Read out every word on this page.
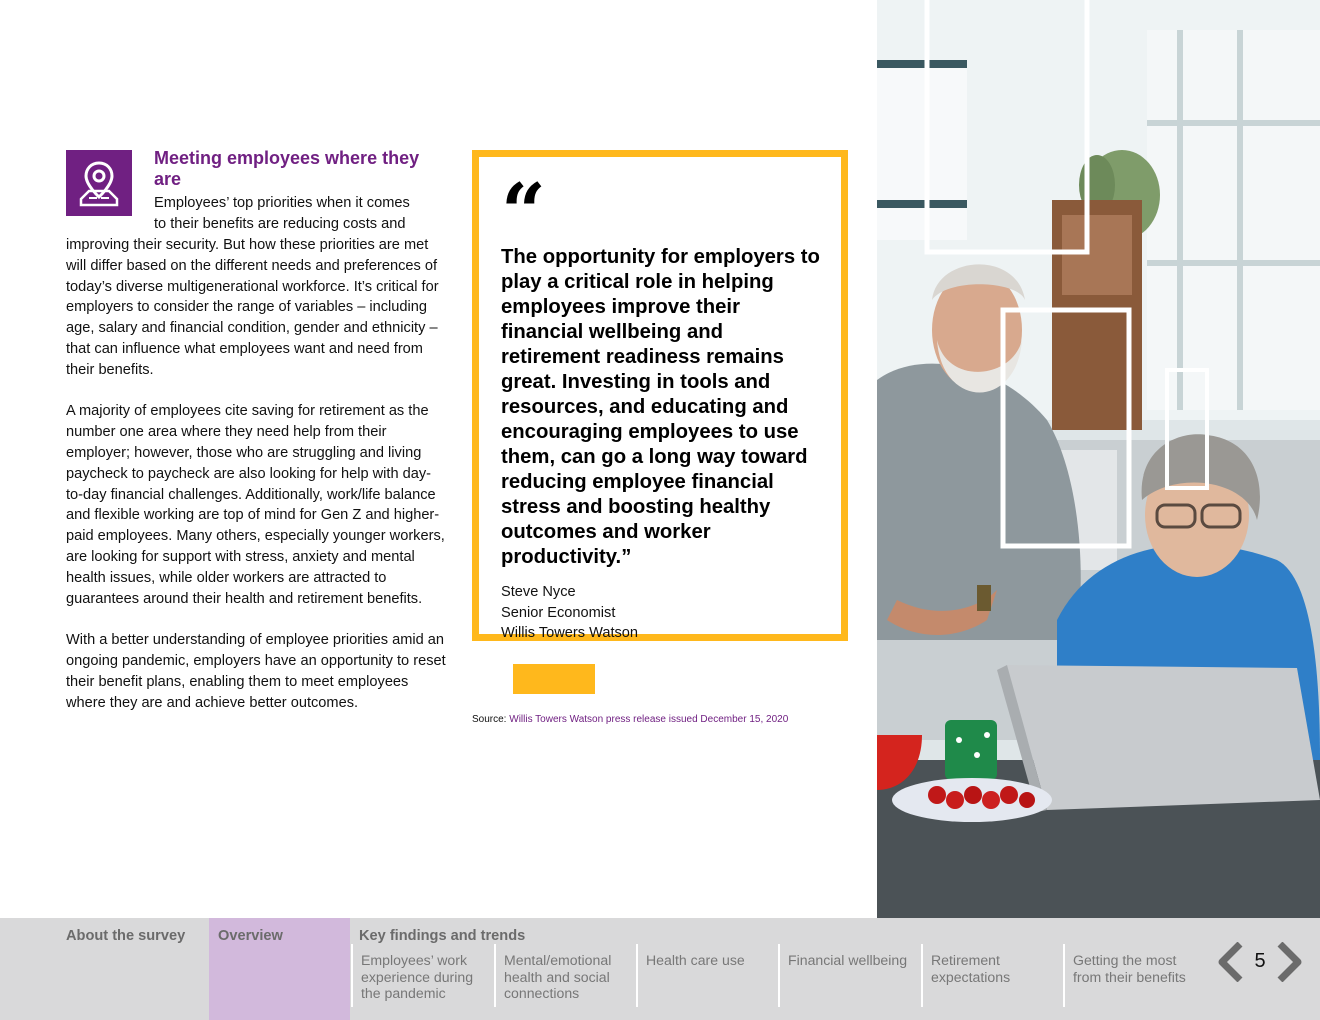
Meeting employees where they are
Employees’ top priorities when it comes
to their benefits are reducing costs and

improving their security. But how these priorities are met will differ based on the different needs and preferences of today’s diverse multigenerational workforce. It’s critical for employers to consider the range of variables – including age, salary and financial condition, gender and ethnicity – that can influence what employees want and need from their benefits.

A majority of employees cite saving for retirement as the number one area where they need help from their employer; however, those who are struggling and living paycheck to paycheck are also looking for help with day-to-day financial challenges. Additionally, work/life balance and flexible working are top of mind for Gen Z and higher-paid employees. Many others, especially younger workers, are looking for support with stress, anxiety and mental health issues, while older workers are attracted to guarantees around their health and retirement benefits.

With a better understanding of employee priorities amid an ongoing pandemic, employers have an opportunity to reset their benefit plans, enabling them to meet employees where they are and achieve better outcomes.

“
The opportunity for employers to play a critical role in helping employees improve their financial wellbeing and retirement readiness remains great. Investing in tools and resources, and educating and encouraging employees to use them, can go a long way toward reducing employee financial stress and boosting healthy outcomes and worker productivity.”
Steve Nyce
Senior Economist
Willis Towers Watson
Source: Willis Towers Watson press release issued December 15, 2020
About the survey	Overview	Key findings and trends
Employees’ work experience during the pandemic
Mental/emotional health and social connections
Health care use	Financial wellbeing	Retirement expectations
Getting the most from their benefits
5
